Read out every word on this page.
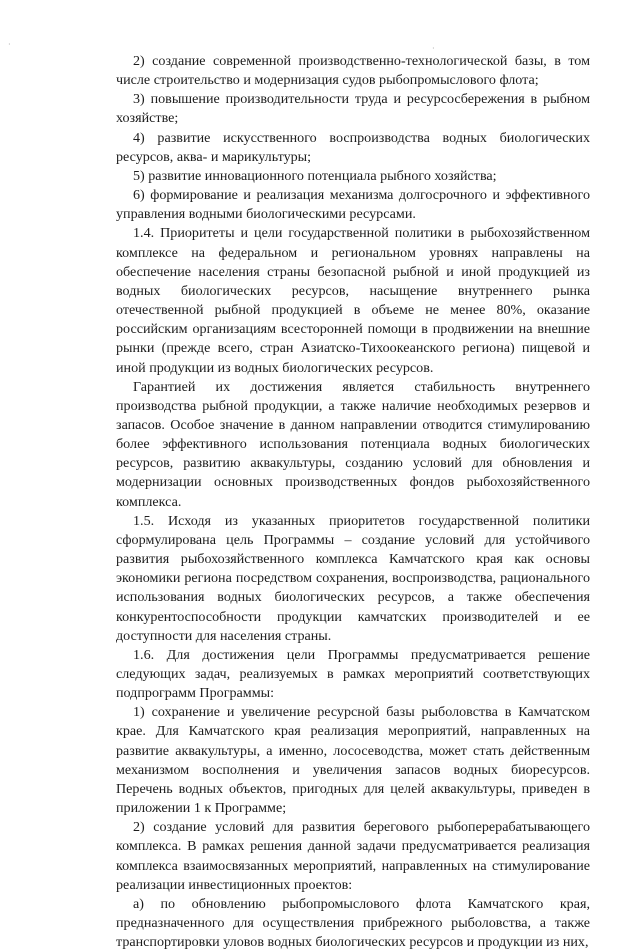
·	·

2) создание современной производственно-технологической базы, в том числе строительство и модернизация судов рыбопромыслового флота;

3) повышение производительности труда и ресурсосбережения в рыбном хозяйстве;

4) развитие искусственного воспроизводства водных биологических ресурсов, аква- и марикультуры;

5) развитие инновационного потенциала рыбного хозяйства;

6) формирование и реализация механизма долгосрочного и эффективного управления водными биологическими ресурсами.

1.4. Приоритеты и цели государственной политики в рыбохозяйственном комплексе на федеральном и региональном уровнях направлены на обеспечение населения страны безопасной рыбной и иной продукцией из водных биологических ресурсов, насыщение внутреннего рынка отечественной рыбной продукцией в объеме не менее 80%, оказание российским организациям всесторонней помощи в продвижении на внешние рынки (прежде всего, стран Азиатско-Тихоокеанского региона) пищевой и иной продукции из водных биологических ресурсов.

Гарантией их достижения является стабильность внутреннего производства рыбной продукции, а также наличие необходимых резервов и запасов. Особое значение в данном направлении отводится стимулированию более эффективного использования потенциала водных биологических ресурсов, развитию аквакультуры, созданию условий для обновления и модернизации основных производственных фондов рыбохозяйственного комплекса.

1.5. Исходя из указанных приоритетов государственной политики сформулирована цель Программы – создание условий для устойчивого развития рыбохозяйственного комплекса Камчатского края как основы экономики региона посредством сохранения, воспроизводства, рационального использования водных биологических ресурсов, а также обеспечения конкурентоспособности продукции камчатских производителей и ее доступности для населения страны.

1.6. Для достижения цели Программы предусматривается решение следующих задач, реализуемых в рамках мероприятий соответствующих подпрограмм Программы:

1) сохранение и увеличение ресурсной базы рыболовства в Камчатском крае. Для Камчатского края реализация мероприятий, направленных на развитие аквакультуры, а именно, лососеводства, может стать действенным механизмом восполнения и увеличения запасов водных биоресурсов. Перечень водных объектов, пригодных для целей аквакультуры, приведен в приложении 1 к Программе;

2) создание условий для развития берегового рыбоперерабатывающего комплекса. В рамках решения данной задачи предусматривается реализация комплекса взаимосвязанных мероприятий, направленных на стимулирование реализации инвестиционных проектов:

а) по обновлению рыбопромыслового флота Камчатского края, предназначенного для осуществления прибрежного рыболовства, а также транспортировки уловов водных биологических ресурсов и продукции из них,
